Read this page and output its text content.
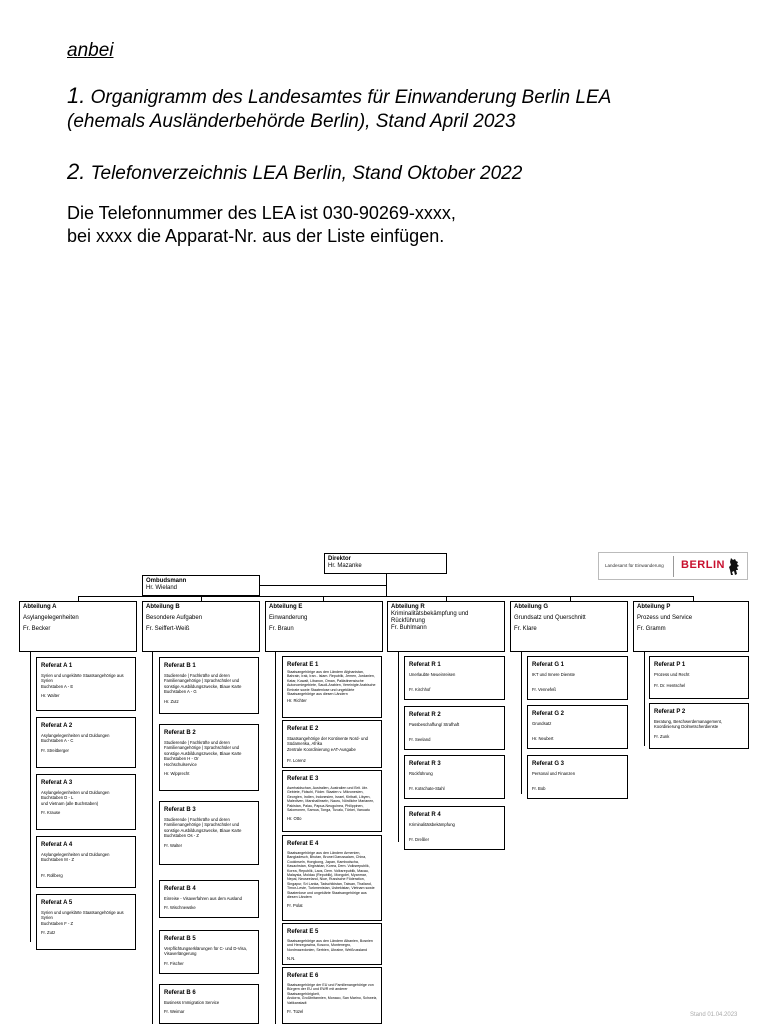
anbei

1. Organigramm des Landesamtes für Einwanderung Berlin LEA

(ehemals Ausländerbehörde Berlin), Stand April 2023

2. Telefonverzeichnis LEA Berlin, Stand Oktober 2022

Die Telefonnummer des LEA ist 030-90269-xxxx,

bei xxxx die Apparat-Nr. aus der Liste einfügen.

Direktor
Hr. Mazanke
Ombudsmann
Hr. Wieland
Landesamt für Einwanderung BERLIN
Abteilung A
Asylangelegenheiten
Fr. Becker
Abteilung B
Besondere Aufgaben
Fr. Seiffert-Weiß
Abteilung E
Einwanderung
Fr. Braun
Abteilung R
Kriminalitätsbekämpfung und Rückführung
Fr. Buhlmann
Abteilung G
Grundsatz und Querschnitt
Fr. Klare
Abteilung P
Prozess und Service
Fr. Gramm
Referat A 1
Syrien und ungeklärte Staatsangehörige aus Syrien
Buchstaben A - E
Hr. Walter
Referat A 2
Asylangelegenheiten und Duldungen
Buchstaben A - C
Fr. Streitberger
Referat A 3
Asylangelegenheiten und Duldungen
Buchstaben D - L
und Vietnam (alle Buchstaben)
Fr. Krause
Referat A 4
Asylangelegenheiten und Duldungen
Buchstaben M - Z
Fr. Rollberg
Referat A 5
Syrien und ungeklärte Staatsangehörige aus Syrien
Buchstaben F - Z
Fr. Zutz
Referat B 1
Studierende | Fachkräfte und deren Familienangehörige | Sprachschüler und sonstige Ausbildungszwecke, Blaue Karte
Buchstaben A - G
Hr. Zutz
Referat B 2
Studierende | Fachkräfte und deren Familienangehörige | Sprachschüler und sonstige Ausbildungszwecke, Blaue Karte
Buchstaben H - Or
Hochschulservice
Hr. Wipprecht
Referat B 3
Studierende | Fachkräfte und deren Familienangehörige | Sprachschüler und sonstige Ausbildungszwecke, Blaue Karte
Buchstaben Os - Z
Fr. Walter
Referat B 4
Einreise - Visaverfahren aus dem Ausland
Fr. Wischnewske
Referat B 5
Verpflichtungserklärungen für C- und D-Visa, Visaverlängerung
Fr. Fischer
Referat B 6
Business Immigration Service
Fr. Weimar
Referat E 1
Staatsangehörige aus den Ländern Afghanistan, Bahrain, Irak, Iran - Islam. Republik, Jemen, Jordanien, Katar, Kuwait, Libanon, Oman, Palästinensische Autonomiegebiete, Saudi-Arabien, Vereinigte Arabische Emirate sowie Staatenlose und ungeklärte Staatsangehörige aus diesen Ländern
Hr. Richter
Referat E 2
Staatsangehörige der Kontinente Nord- und Südamerika, Afrika
Zentrale Koordinierung eAT-Ausgabe
Fr. Lorenz
Referat E 3
Aserbaidschan, Australien, Australien und Brit. übr. Gebiete, Fidschi, Föder. Staaten v. Mikronesien, Georgien, Indien, Indonesien, Israel, Kiribati, Libyen, Malediven, Marshallinseln, Nauru, Nördliche Marianen, Pakistan, Palau, Papua-Neuguinea, Philippinen, Salomonen, Samoa, Tonga, Tuvalu, Türkei, Vanuatu
Hr. Otto
Referat E 4
Staatsangehörige aus den Ländern Armenien, Bangladesch, Bhutan, Brunei Darussalam, China, Cookinseln, Hongkong, Japan, Kambodscha, Kasachstan, Kirgisistan, Korea, Dem. Volksrepublik, Korea, Republik, Laos, Dem. Volksrepublik, Macau, Malaysia, Moldau (Republik), Mongolei, Myanmar, Nepal, Neuseeland, Niue, Russische Föderation, Singapur, Sri Lanka, Tadschikistan, Taiwan, Thailand, Timor-Leste, Turkmenistan, Usbekistan, Vietnam sowie Staatenlose und ungeklärte Staatsangehörige aus diesen Ländern
Fr. Polat
Referat E 5
Staatsangehörige aus den Ländern Albanien, Bosnien und Herzegowina, Kosovo, Montenegro, Nordmazedonien, Serbien, Ukraine, Weißrussland
N.N.
Referat E 6
Staatsangehörige der EU und Familienangehörige von Bürgern der EU und EWR mit anderer Staatsangehörigkeit,
Andorra, Großbritannien, Monaco, San Marino, Schweiz, Vatikanstadt
Fr. Tüzel
Referat R 1
Unerlaubte Neueinreisen
Fr. Kirchhof
Referat R 2
Passbeschaffung/ Strafhaft
Fr. Seeland
Referat R 3
Rückführung
Fr. Kotschate-Stahl
Referat R 4
Kriminalitätsbekämpfung
Fr. Dreßler
Referat G 1
IKT und Innere Dienste
Fr. Vennefeß
Referat G 2
Grundsatz
Hr. Neubert
Referat G 3
Personal und Finanzen
Fr. Bob
Referat P 1
Prozess und Recht
Fr. Dr. Hentschel
Referat P 2
Beratung, Beschwerdemanagement, Koordinierung Dolmetscherdienste
Fr. Zunk
Stand 01.04.2023
